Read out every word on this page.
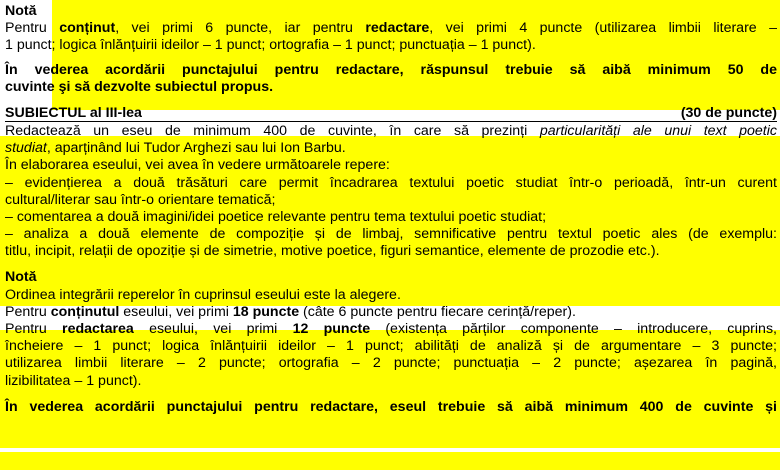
Notă
Pentru conținut, vei primi 6 puncte, iar pentru redactare, vei primi 4 puncte (utilizarea limbii literare –
1 punct; logica înlănțuirii ideilor – 1 punct; ortografia – 1 punct; punctuația – 1 punct).
În vederea acordării punctajului pentru redactare, răspunsul trebuie să aibă minimum 50 de
cuvinte şi să dezvolte subiectul propus.
SUBIECTUL al III-lea	(30 de puncte)
Redactează un eseu de minimum 400 de cuvinte, în care să prezinți particularități ale unui text poetic
studiat, aparținând lui Tudor Arghezi sau lui Ion Barbu.
În elaborarea eseului, vei avea în vedere următoarele repere:
– evidențierea a două trăsături care permit încadrarea textului poetic studiat într-o perioadă, într-un curent
cultural/literar sau într-o orientare tematică;
– comentarea a două imagini/idei poetice relevante pentru tema textului poetic studiat;
– analiza a două elemente de compoziție și de limbaj, semnificative pentru textul poetic ales (de exemplu:
titlu, incipit, relații de opoziție și de simetrie, motive poetice, figuri semantice, elemente de prozodie etc.).
Notă
Ordinea integrării reperelor în cuprinsul eseului este la alegere.
Pentru conținutul eseului, vei primi 18 puncte (câte 6 puncte pentru fiecare cerință/reper).
Pentru redactarea eseului, vei primi 12 puncte (existența părților componente – introducere, cuprins,
încheiere – 1 punct; logica înlănțuirii ideilor – 1 punct; abilități de analiză și de argumentare – 3 puncte;
utilizarea limbii literare – 2 puncte; ortografia – 2 puncte; punctuația – 2 puncte; așezarea în pagină,
lizibilitatea – 1 punct).
În vederea acordării punctajului pentru redactare, eseul trebuie să aibă minimum 400 de cuvinte și
